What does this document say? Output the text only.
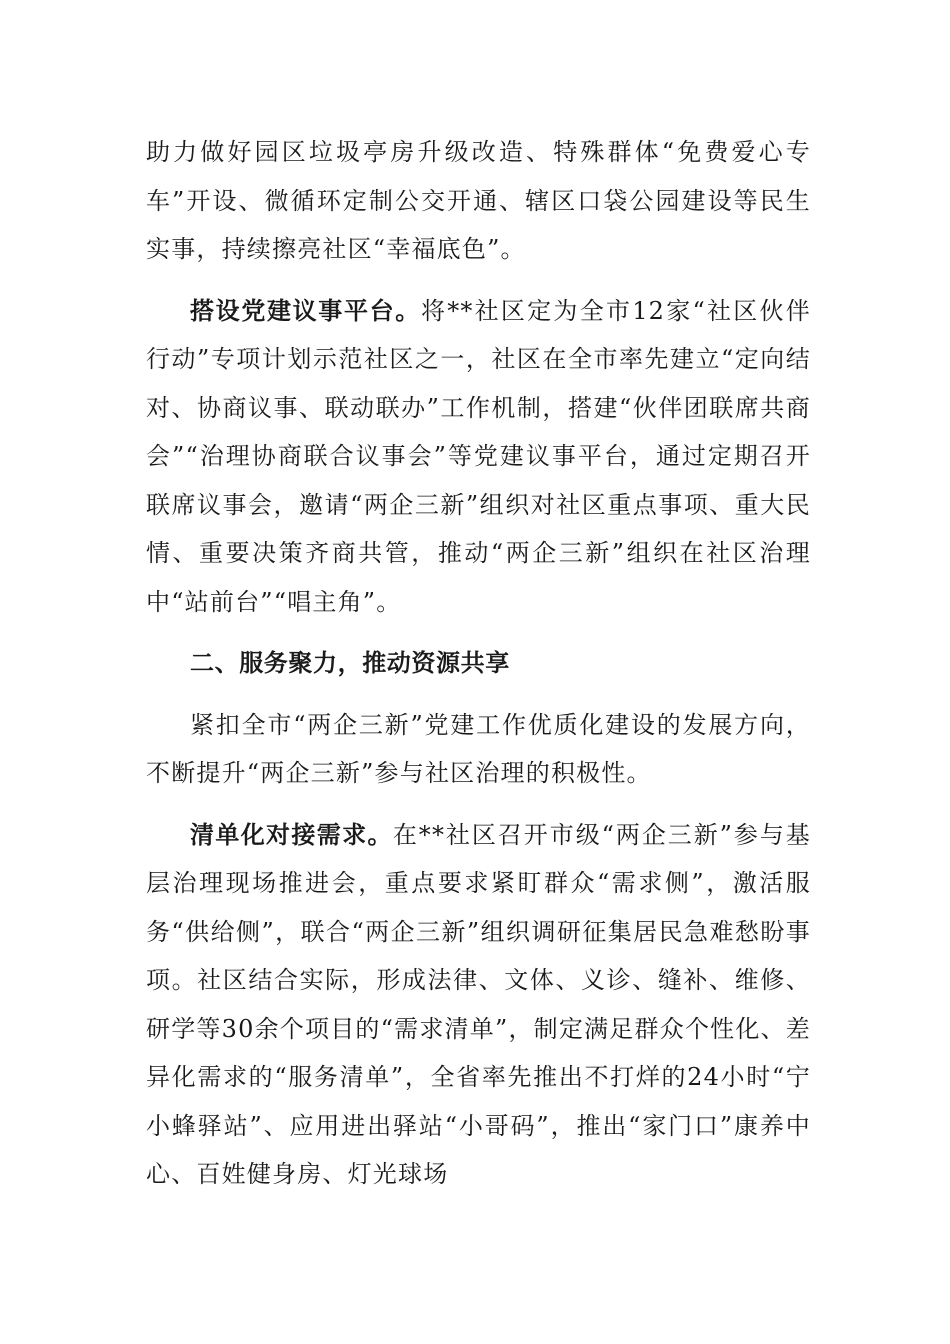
助力做好园区垃圾亭房升级改造、特殊群体“免费爱心专车”开设、微循环定制公交开通、辖区口袋公园建设等民生实事，持续擦亮社区“幸福底色”。

搭设党建议事平台。将**社区定为全市12家“社区伙伴行动”专项计划示范社区之一，社区在全市率先建立“定向结对、协商议事、联动联办”工作机制，搭建“伙伴团联席共商会”“治理协商联合议事会”等党建议事平台，通过定期召开联席议事会，邀请“两企三新”组织对社区重点事项、重大民情、重要决策齐商共管，推动“两企三新”组织在社区治理中“站前台”“唱主角”。

二、服务聚力，推动资源共享

紧扣全市“两企三新”党建工作优质化建设的发展方向，不断提升“两企三新”参与社区治理的积极性。

清单化对接需求。在**社区召开市级“两企三新”参与基层治理现场推进会，重点要求紧盯群众“需求侧”，激活服务“供给侧”，联合“两企三新”组织调研征集居民急难愁盼事项。社区结合实际，形成法律、文体、义诊、缝补、维修、研学等30余个项目的“需求清单”，制定满足群众个性化、差异化需求的“服务清单”，全省率先推出不打烊的24小时“宁小蜂驿站”、应用进出驿站“小哥码”，推出“家门口”康养中心、百姓健身房、灯光球场
